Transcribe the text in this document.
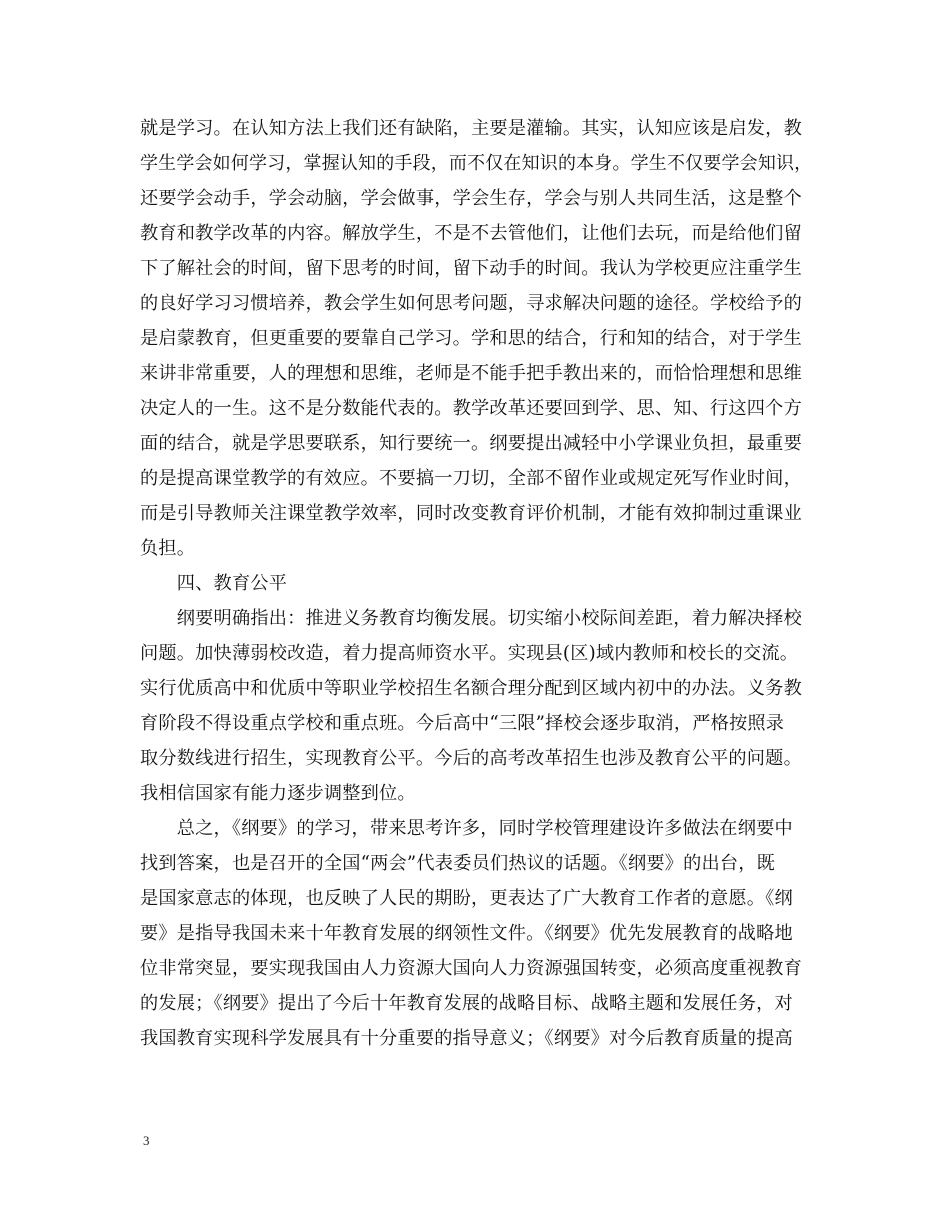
就是学习。在认知方法上我们还有缺陷，主要是灌输。其实，认知应该是启发，教
学生学会如何学习，掌握认知的手段，而不仅在知识的本身。学生不仅要学会知识，
还要学会动手，学会动脑，学会做事，学会生存，学会与别人共同生活，这是整个
教育和教学改革的内容。解放学生，不是不去管他们，让他们去玩，而是给他们留
下了解社会的时间，留下思考的时间，留下动手的时间。我认为学校更应注重学生
的良好学习习惯培养，教会学生如何思考问题，寻求解决问题的途径。学校给予的
是启蒙教育，但更重要的要靠自己学习。学和思的结合，行和知的结合，对于学生
来讲非常重要，人的理想和思维，老师是不能手把手教出来的，而恰恰理想和思维
决定人的一生。这不是分数能代表的。教学改革还要回到学、思、知、行这四个方
面的结合，就是学思要联系，知行要统一。纲要提出减轻中小学课业负担，最重要
的是提高课堂教学的有效应。不要搞一刀切，全部不留作业或规定死写作业时间，
而是引导教师关注课堂教学效率，同时改变教育评价机制，才能有效抑制过重课业
负担。
　　四、教育公平
　　纲要明确指出：推进义务教育均衡发展。切实缩小校际间差距，着力解决择校
问题。加快薄弱校改造，着力提高师资水平。实现县(区)域内教师和校长的交流。
实行优质高中和优质中等职业学校招生名额合理分配到区域内初中的办法。义务教
育阶段不得设重点学校和重点班。今后高中“三限”择校会逐步取消，严格按照录
取分数线进行招生，实现教育公平。今后的高考改革招生也涉及教育公平的问题。
我相信国家有能力逐步调整到位。
　　总之，《纲要》的学习，带来思考许多，同时学校管理建设许多做法在纲要中
找到答案，也是召开的全国“两会”代表委员们热议的话题。《纲要》的出台，既
是国家意志的体现，也反映了人民的期盼，更表达了广大教育工作者的意愿。《纲
要》是指导我国未来十年教育发展的纲领性文件。《纲要》优先发展教育的战略地
位非常突显，要实现我国由人力资源大国向人力资源强国转变，必须高度重视教育
的发展；《纲要》提出了今后十年教育发展的战略目标、战略主题和发展任务，对
我国教育实现科学发展具有十分重要的指导意义；《纲要》对今后教育质量的提高
3
